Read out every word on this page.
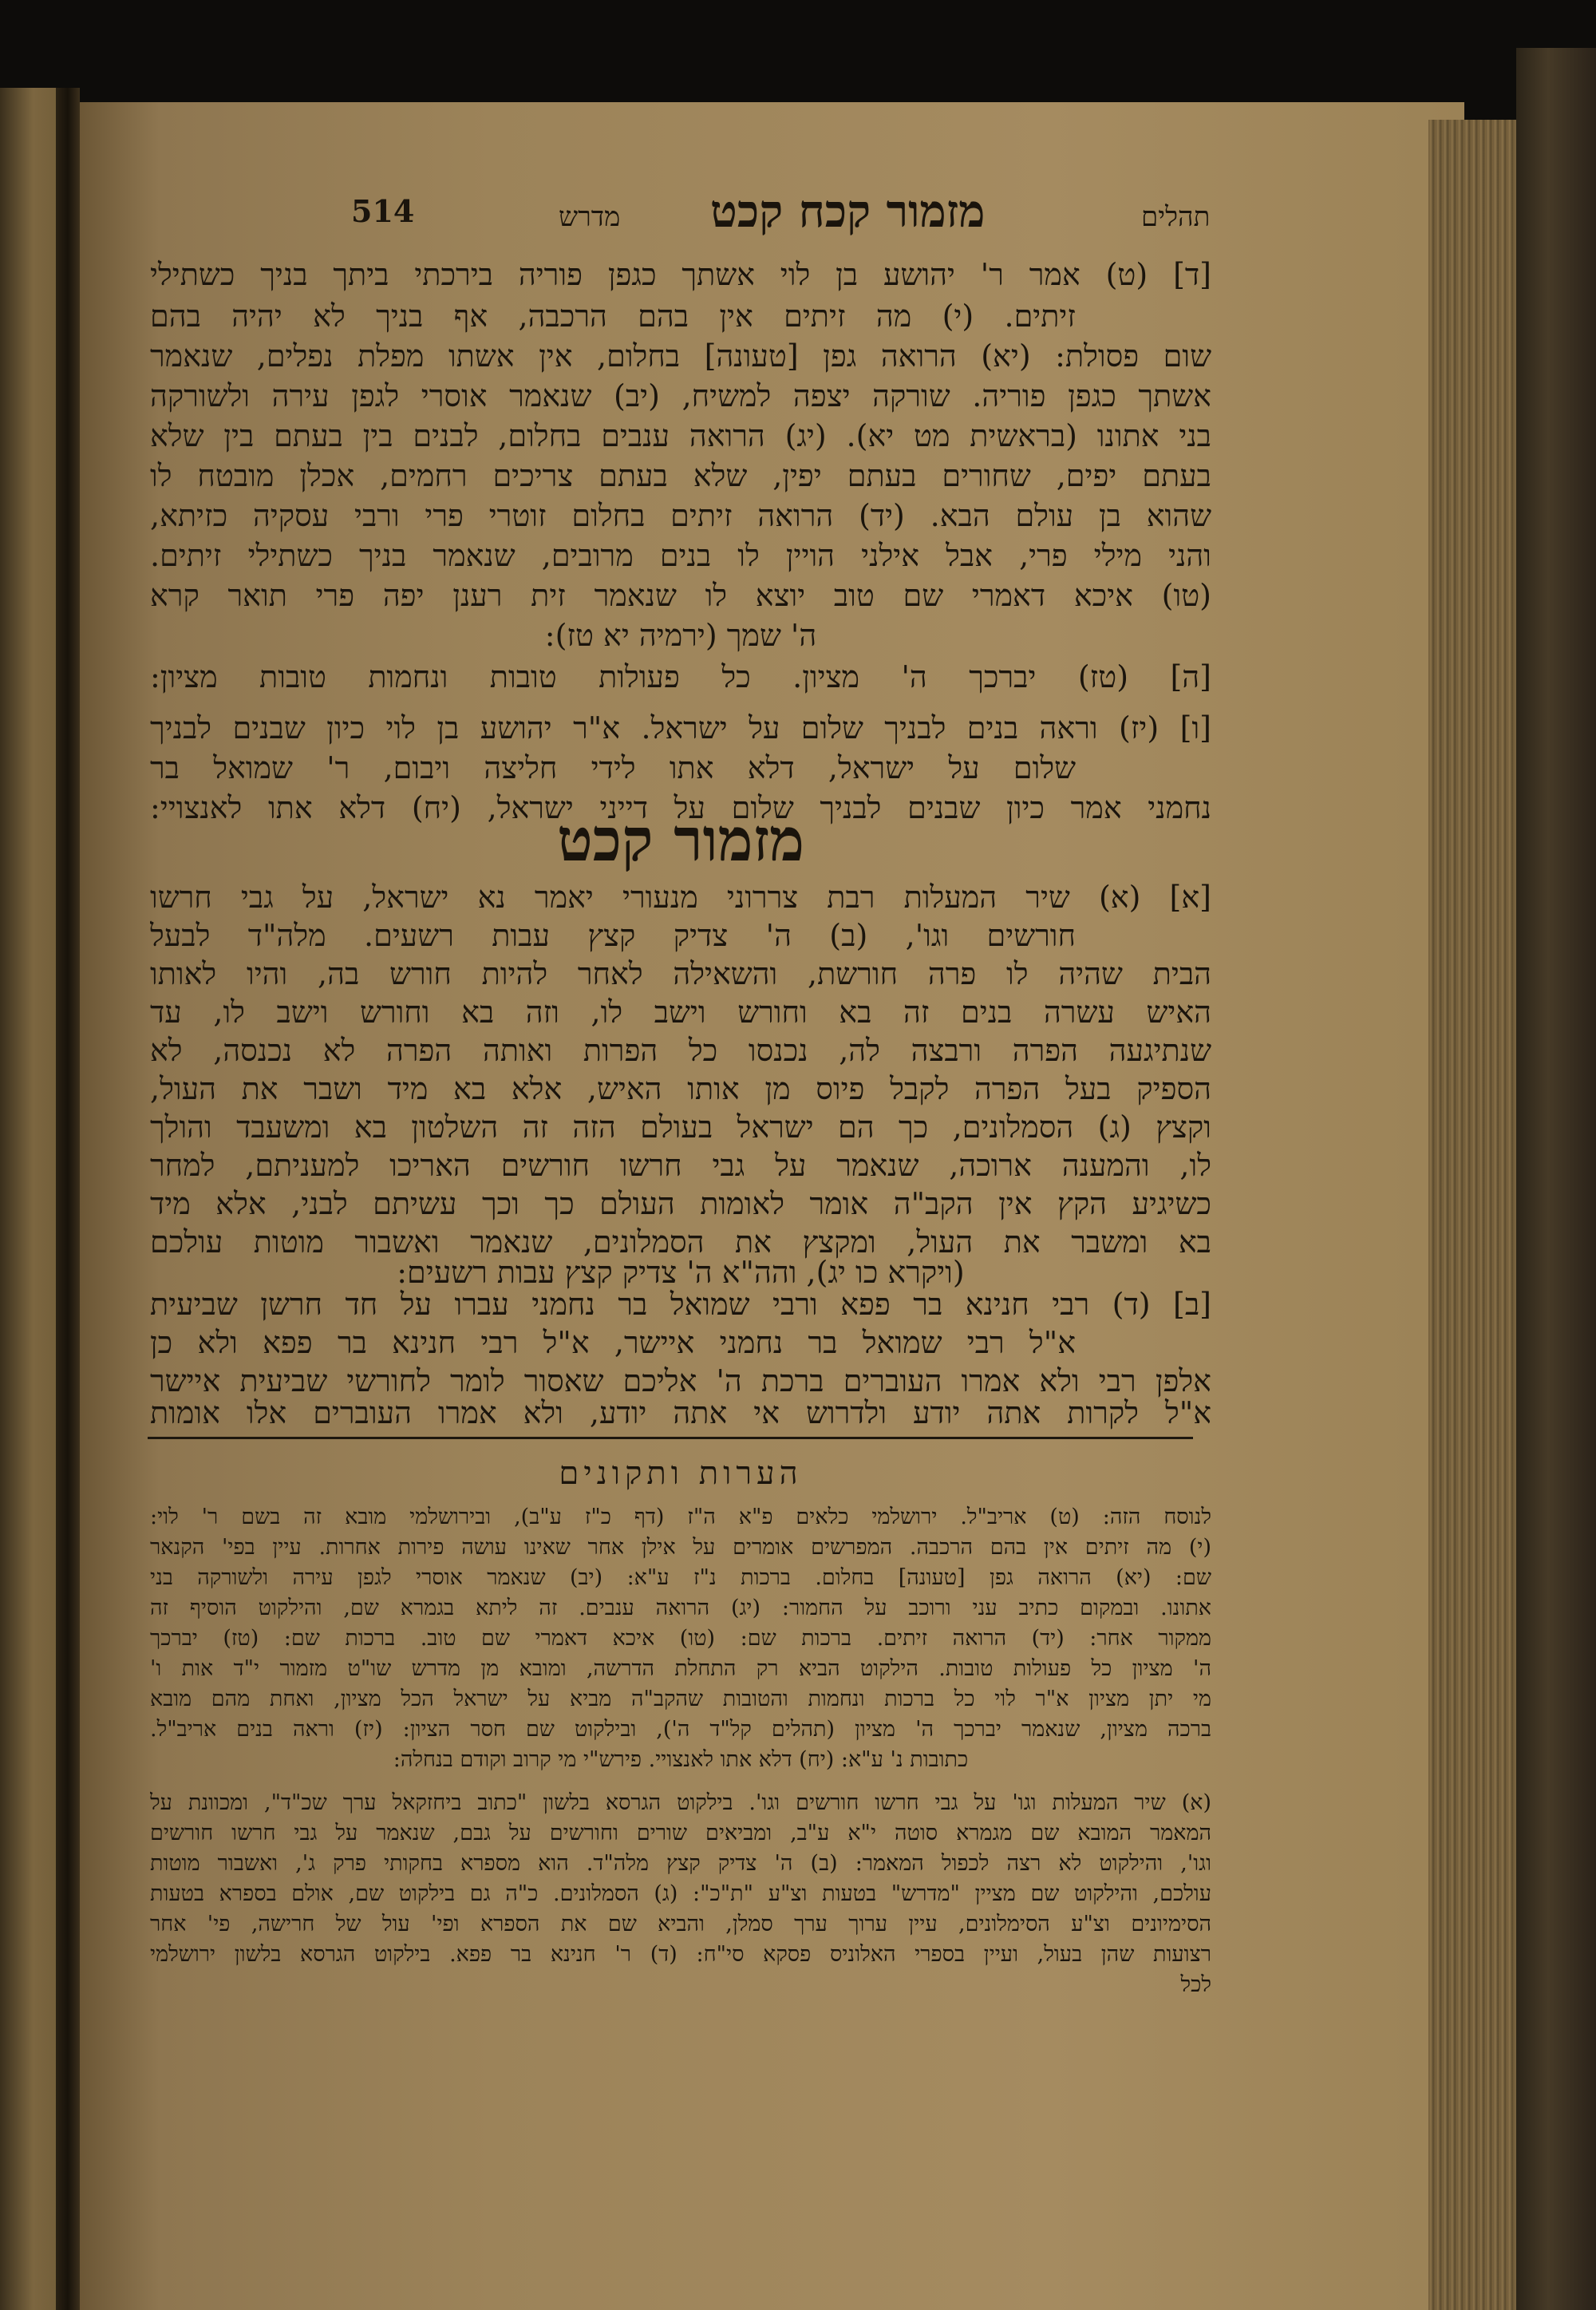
514	מדרש מזמור קכח קכט	תהלים
[ד] (ט) אמר ר' יהושע בן לוי אשתך כגפן פוריה בירכתי ביתך בניך כשתילי
זיתים. (י) מה זיתים אין בהם הרכבה, אף בניך לא יהיה בהם
שום פסולת: (יא) הרואה גפן [טעונה] בחלום, אין אשתו מפלת נפלים, שנאמר
אשתך כגפן פוריה. שורקה יצפה למשיח, (יב) שנאמר אוסרי לגפן עירה ולשורקה
בני אתונו (בראשית מט יא). (יג) הרואה ענבים בחלום, לבנים בין בעתם בין שלא
בעתם יפים, שחורים בעתם יפין, שלא בעתם צריכים רחמים, אכלן מובטח לו
שהוא בן עולם הבא. (יד) הרואה זיתים בחלום זוטרי פרי ורבי עסקיה כזיתא,
והני מילי פרי, אבל אילני הויין לו בנים מרובים, שנאמר בניך כשתילי זיתים.
(טו) איכא דאמרי שם טוב יוצא לו שנאמר זית רענן יפה פרי תואר קרא
ה' שמך (ירמיה יא טז):
[ה] (טז) יברכך ה' מציון. כל פעולות טובות ונחמות טובות מציון:
[ו] (יז) וראה בנים לבניך שלום על ישראל. א"ר יהושע בן לוי כיון שבנים לבניך
שלום על ישראל, דלא אתו לידי חליצה ויבום, ר' שמואל בר
נחמני אמר כיון שבנים לבניך שלום על דייני ישראל, (יח) דלא אתו לאנצויי:
מזמור קכט
[א] (א) שיר המעלות רבת צררוני מנעורי יאמר נא ישראל, על גבי חרשו
חורשים וגו', (ב) ה' צדיק קצץ עבות רשעים. מלה"ד לבעל
הבית שהיה לו פרה חורשת, והשאילה לאחר להיות חורש בה, והיו לאותו
האיש עשרה בנים זה בא וחורש וישב לו, וזה בא וחורש וישב לו, עד
שנתיגעה הפרה ורבצה לה, נכנסו כל הפרות ואותה הפרה לא נכנסה, לא
הספיק בעל הפרה לקבל פיוס מן אותו האיש, אלא בא מיד ושבר את העול,
וקצץ (ג) הסמלונים, כך הם ישראל בעולם הזה זה השלטון בא ומשעבד והולך
לו, והמענה ארוכה, שנאמר על גבי חרשו חורשים האריכו למעניתם, למחר
כשיגיע הקץ אין הקב"ה אומר לאומות העולם כך וכך עשיתם לבני, אלא מיד
בא ומשבר את העול, ומקצץ את הסמלונים, שנאמר ואשבור מוטות עולכם
(ויקרא כו יג), והה"א ה' צדיק קצץ עבות רשעים:
[ב] (ד) רבי חנינא בר פפא ורבי שמואל בר נחמני עברו על חד חרשן שביעית
א"ל רבי שמואל בר נחמני איישר, א"ל רבי חנינא בר פפא ולא כן
אלפן רבי ולא אמרו העוברים ברכת ה' אליכם שאסור לומר לחורשי שביעית איישר
א"ל לקרות אתה יודע ולדרוש אי אתה יודע, ולא אמרו העוברים אלו אומות
הערות ותקונים
לנוסח הזה: (ט) אריב"ל. ירושלמי כלאים פ"א ה"ז (דף כ"ז ע"ב), ובירושלמי מובא זה בשם ר' לוי:
(י) מה זיתים אין בהם הרכבה. המפרשים אומרים על אילן אחר שאינו עושה פירות אחרות. עיין בפי' הקנאר
שם: (יא) הרואה גפן [טעונה] בחלום. ברכות נ"ז ע"א: (יב) שנאמר אוסרי לגפן עירה ולשורקה בני
אתונו. ובמקום כתיב עני ורוכב על החמור: (יג) הרואה ענבים. זה ליתא בגמרא שם, והילקוט הוסיף זה
ממקור אחר: (יד) הרואה זיתים. ברכות שם: (טו) איכא דאמרי שם טוב. ברכות שם: (טז) יברכך
ה' מציון כל פעולות טובות. הילקוט הביא רק התחלת הדרשה, ומובא מן מדרש שו"ט מזמור י"ד אות ו'
מי יתן מציון א"ר לוי כל ברכות ונחמות והטובות שהקב"ה מביא על ישראל הכל מציון, ואחת מהם מובא
ברכה מציון, שנאמר יברכך ה' מציון (תהלים קל"ד ה'), ובילקוט שם חסר הציון: (יז) וראה בנים אריב"ל.
כתובות נ' ע"א: (יח) דלא אתו לאנצויי. פירש"י מי קרוב וקודם בנחלה:
(א) שיר המעלות וגו' על גבי חרשו חורשים וגו'. בילקוט הגרסא בלשון "כתוב ביחזקאל ערך שכ"ד", ומכוונת על
המאמר המובא שם מגמרא סוטה י"א ע"ב, ומביאים שורים וחורשים על גבם, שנאמר על גבי חרשו חורשים
וגו', והילקוט לא רצה לכפול המאמר: (ב) ה' צדיק קצץ מלה"ד. הוא מספרא בחקותי פרק ג', ואשבור מוטות
עולכם, והילקוט שם מציין "מדרש" בטעות וצ"ע "ת"כ": (ג) הסמלונים. כ"ה גם בילקוט שם, אולם בספרא בטעות
הסימיונים וצ"ע הסימלונים, עיין ערוך ערך סמלן, והביא שם את הספרא ופי' עול של חרישה, פי' אחר
רצועות שהן בעול, ועיין בספרי האלוניס פסקא סי"ח: (ד) ר' חנינא בר פפא. בילקוט הגרסא בלשון ירושלמי
לכל
